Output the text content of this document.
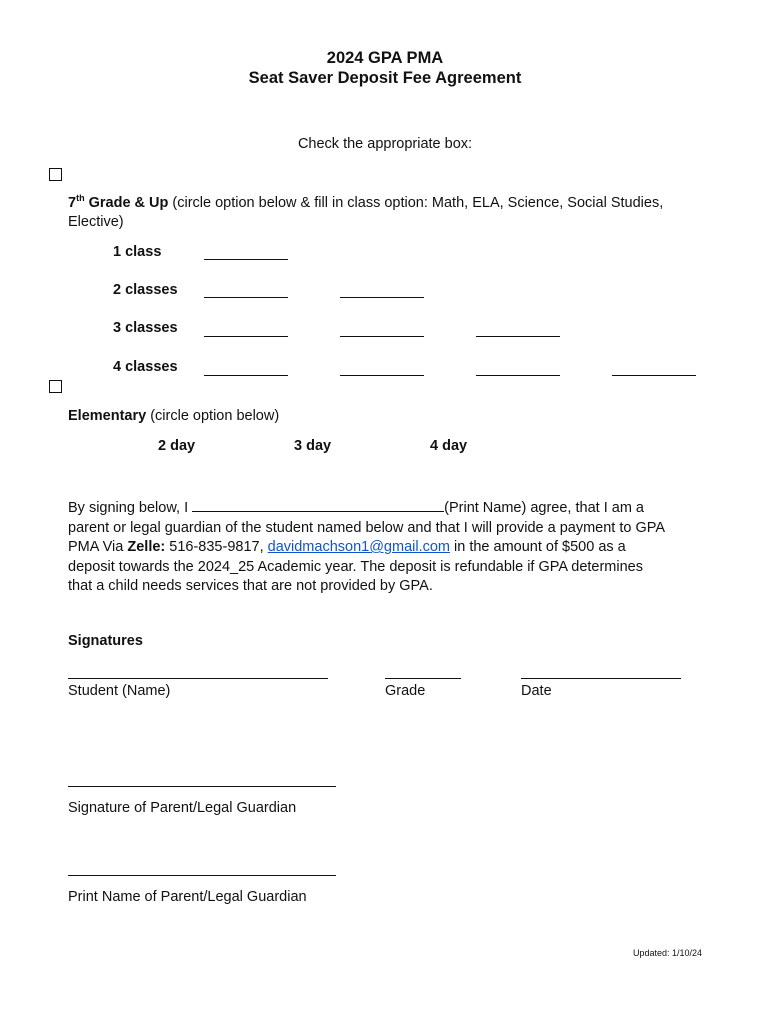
2024 GPA PMA
Seat Saver Deposit Fee Agreement
Check the appropriate box:
7th Grade & Up (circle option below & fill in class option: Math, ELA, Science, Social Studies,
Elective)
1 class
2 classes
3 classes
4 classes
Elementary (circle option below)
2 day	3 day	4 day
By signing below, I	(Print Name) agree, that I am a
parent or legal guardian of the student named below and that I will provide a payment to GPA
PMA Via Zelle: 516-835-9817, davidmachson1@gmail.com in the amount of $500 as a
deposit towards the 2024_25 Academic year. The deposit is refundable if GPA determines
that a child needs services that are not provided by GPA.
Signatures
Student (Name)	Grade	Date
Signature of Parent/Legal Guardian
Print Name of Parent/Legal Guardian
Updated: 1/10/24
